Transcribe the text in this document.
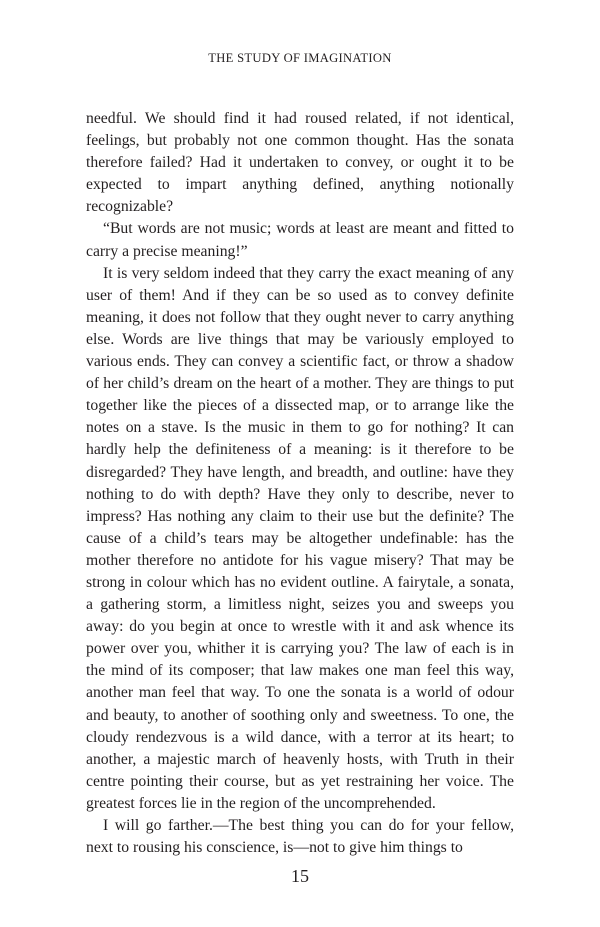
THE STUDY OF IMAGINATION

needful. We should find it had roused related, if not identical, feelings, but probably not one common thought. Has the sonata therefore failed? Had it undertaken to convey, or ought it to be expected to impart anything defined, anything notionally recognizable?

“But words are not music; words at least are meant and fitted to carry a precise meaning!”

It is very seldom indeed that they carry the exact meaning of any user of them! And if they can be so used as to convey definite meaning, it does not follow that they ought never to carry anything else. Words are live things that may be variously employed to various ends. They can convey a scientific fact, or throw a shadow of her child’s dream on the heart of a mother. They are things to put together like the pieces of a dissected map, or to arrange like the notes on a stave. Is the music in them to go for nothing? It can hardly help the definiteness of a meaning: is it therefore to be disregarded? They have length, and breadth, and outline: have they nothing to do with depth? Have they only to describe, never to impress? Has nothing any claim to their use but the definite? The cause of a child’s tears may be altogether undefinable: has the mother therefore no antidote for his vague misery? That may be strong in colour which has no evident outline. A fairytale, a sonata, a gathering storm, a limitless night, seizes you and sweeps you away: do you begin at once to wrestle with it and ask whence its power over you, whither it is carrying you? The law of each is in the mind of its composer; that law makes one man feel this way, another man feel that way. To one the sonata is a world of odour and beauty, to another of soothing only and sweetness. To one, the cloudy rendezvous is a wild dance, with a terror at its heart; to another, a majestic march of heavenly hosts, with Truth in their centre pointing their course, but as yet restraining her voice. The greatest forces lie in the region of the uncomprehended.

I will go farther.—The best thing you can do for your fellow, next to rousing his conscience, is—not to give him things to

15
